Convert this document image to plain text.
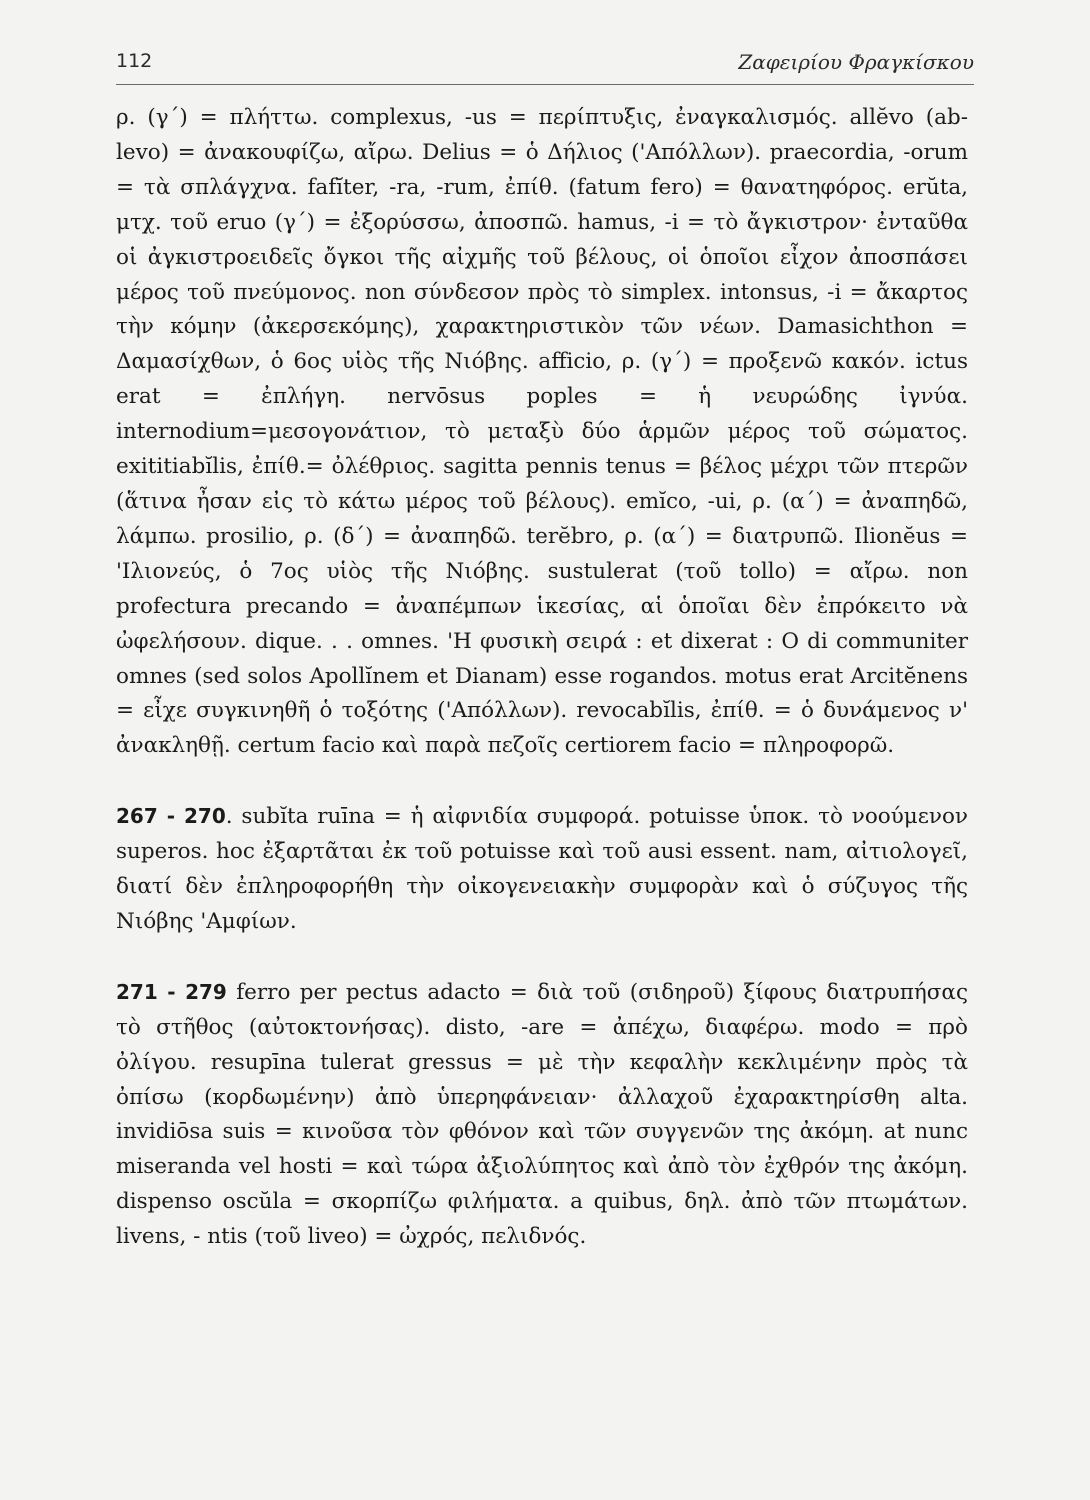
112	Ζαφειρίου Φραγκίσκου

ρ. (γ΄) = πλήττω. complexus, -us = περίπτυξις, ἐναγκαλισμός. allĕvo (ab-levo) = ἀνακουφίζω, αἴρω. Delius = ὁ Δήλιος ('Απόλλων). praecordia, -orum = τὰ σπλάγχνα. fafĭter, -ra, -rum, ἐπίθ. (fatum fero) = θανατηφόρος. erŭta, μτχ. τοῦ eruo (γ΄) = ἐξορύσσω, ἀποσπῶ. hamus, -i = τὸ ἄγκιστρον· ἐνταῦθα οἱ ἀγκιστροειδεῖς ὄγκοι τῆς αἰχμῆς τοῦ βέλους, οἱ ὁποῖοι εἶχον ἀποσπάσει μέρος τοῦ πνεύμονος. non σύνδεσον πρὸς τὸ simplex. intonsus, -i = ἄκαρτος τὴν κόμην (ἀκερσεκόμης), χαρακτηριστικὸν τῶν νέων. Damasichthon = Δαμασίχθων, ὁ 6ος υἱὸς τῆς Νιόβης. afficio, ρ. (γ΄) = προξενῶ κακόν. ictus erat = ἐπλήγη. nervōsus poples = ἡ νευρώδης ἰγνύα. internodium=μεσογονάτιον, τὸ μεταξὺ δύο ἁρμῶν μέρος τοῦ σώματος. exititiabĭlis, ἐπίθ.= ὀλέθριος. sagitta pennis tenus = βέλος μέχρι τῶν πτερῶν (ἅτινα ἦσαν εἰς τὸ κάτω μέρος τοῦ βέλους). emĭco, -ui, ρ. (α΄) = ἀναπηδῶ, λάμπω. prosilio, ρ. (δ΄) = ἀναπηδῶ. terĕbro, ρ. (α΄) = διατρυπῶ. Ilionĕus = 'Ιλιονεύς, ὁ 7ος υἱὸς τῆς Νιόβης. sustulerat (τοῦ tollo) = αἴρω. non profectura precando = ἀναπέμπων ἱκεσίας, αἱ ὁποῖαι δὲν ἐπρόκειτο νὰ ὠφελήσουν. dique. . . omnes. 'Η φυσικὴ σειρά : et dixerat : O di communiter omnes (sed solos Apollĭnem et Dianam) esse rogandos. motus erat Arcitĕnens = εἶχε συγκινηθῆ ὁ τοξότης ('Απόλλων). revocabĭlis, ἐπίθ. = ὁ δυνάμενος ν' ἀνακληθῇ. certum facio καὶ παρὰ πεζοῖς certiorem facio = πληροφορῶ.

267 - 270. subĭta ruīna = ἡ αἰφνιδία συμφορά. potuisse ὑποκ. τὸ νοούμενον superos. hoc ἐξαρτᾶται ἐκ τοῦ potuisse καὶ τοῦ ausi essent. nam, αἰτιολογεῖ, διατί δὲν ἐπληροφορήθη τὴν οἰκογενειακὴν συμφορὰν καὶ ὁ σύζυγος τῆς Νιόβης 'Αμφίων.

271 - 279 ferro per pectus adacto = διὰ τοῦ (σιδηροῦ) ξίφους διατρυπήσας τὸ στῆθος (αὐτοκτονήσας). disto, -are = ἀπέχω, διαφέρω. modo = πρὸ ὀλίγου. resupīna tulerat gressus = μὲ τὴν κεφαλὴν κεκλιμένην πρὸς τὰ ὀπίσω (κορδωμένην) ἀπὸ ὑπερηφάνειαν· ἀλλαχοῦ ἐχαρακτηρίσθη alta. invidiōsa suis = κινοῦσα τὸν φθόνον καὶ τῶν συγγενῶν της ἀκόμη. at nunc miseranda vel hosti = καὶ τώρα ἀξιολύπητος καὶ ἀπὸ τὸν ἐχθρόν της ἀκόμη. dispenso oscŭla = σκορπίζω φιλήματα. a quibus, δηλ. ἀπὸ τῶν πτωμάτων. livens, - ntis (τοῦ liveo) = ὠχρός, πελιδνός.
